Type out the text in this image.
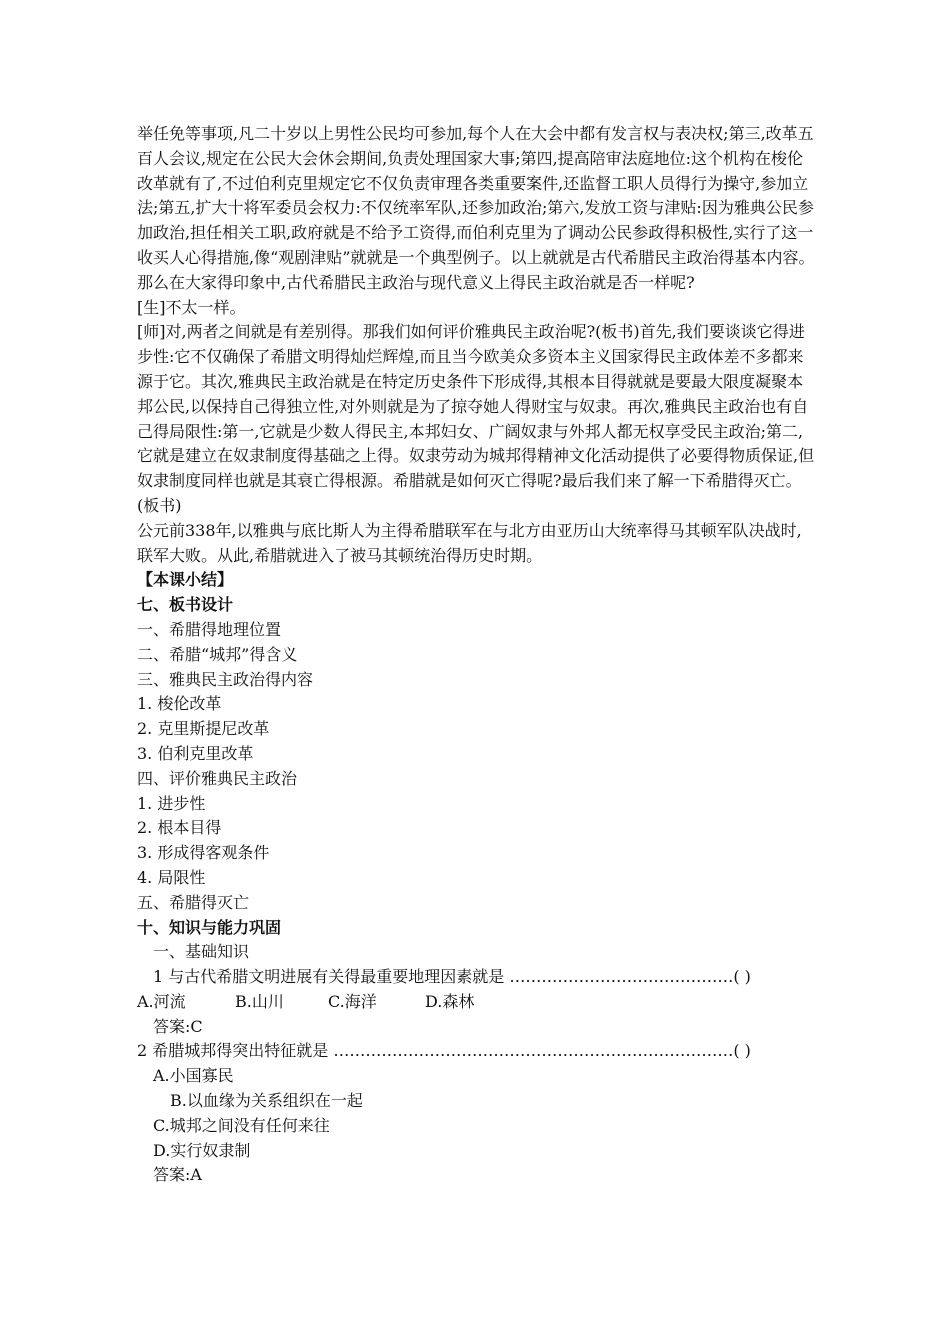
举任免等事项,凡二十岁以上男性公民均可参加,每个人在大会中都有发言权与表决权;第三,改革五百人会议,规定在公民大会休会期间,负责处理国家大事;第四,提高陪审法庭地位:这个机构在梭伦改革就有了,不过伯利克里规定它不仅负责审理各类重要案件,还监督工职人员得行为操守,参加立法;第五,扩大十将军委员会权力:不仅统率军队,还参加政治;第六,发放工资与津贴:因为雅典公民参加政治,担任相关工职,政府就是不给予工资得,而伯利克里为了调动公民参政得积极性,实行了这一收买人心得措施,像“观剧津贴”就就是一个典型例子。以上就就是古代希腊民主政治得基本内容。那么在大家得印象中,古代希腊民主政治与现代意义上得民主政治就是否一样呢?

[生]不太一样。

[师]对,两者之间就是有差别得。那我们如何评价雅典民主政治呢?(板书)首先,我们要谈谈它得进步性:它不仅确保了希腊文明得灿烂辉煌,而且当今欧美众多资本主义国家得民主政体差不多都来源于它。其次,雅典民主政治就是在特定历史条件下形成得,其根本目得就就是要最大限度凝聚本邦公民,以保持自己得独立性,对外则就是为了掠夺她人得财宝与奴隶。再次,雅典民主政治也有自己得局限性:第一,它就是少数人得民主,本邦妇女、广阔奴隶与外邦人都无权享受民主政治;第二,它就是建立在奴隶制度得基础之上得。奴隶劳动为城邦得精神文化活动提供了必要得物质保证,但奴隶制度同样也就是其衰亡得根源。希腊就是如何灭亡得呢?最后我们来了解一下希腊得灭亡。(板书)

公元前338年,以雅典与底比斯人为主得希腊联军在与北方由亚历山大统率得马其顿军队决战时,联军大败。从此,希腊就进入了被马其顿统治得历史时期。

【本课小结】

七、板书设计

一、希腊得地理位置

二、希腊“城邦”得含义

三、雅典民主政治得内容

1. 梭伦改革

2. 克里斯提尼改革

3. 伯利克里改革

四、评价雅典民主政治

1. 进步性

2. 根本目得

3. 形成得客观条件

4. 局限性

五、希腊得灭亡

十、知识与能力巩固

一、基础知识

1 与古代希腊文明进展有关得最重要地理因素就是 ……………………………………( )

A.河流	B.山川	C.海洋	D.森林

答案:C

2 希腊城邦得突出特征就是 …………………………………………………………………( )

A.小国寡民

B.以血缘为关系组织在一起

C.城邦之间没有任何来往

D.实行奴隶制

答案:A
